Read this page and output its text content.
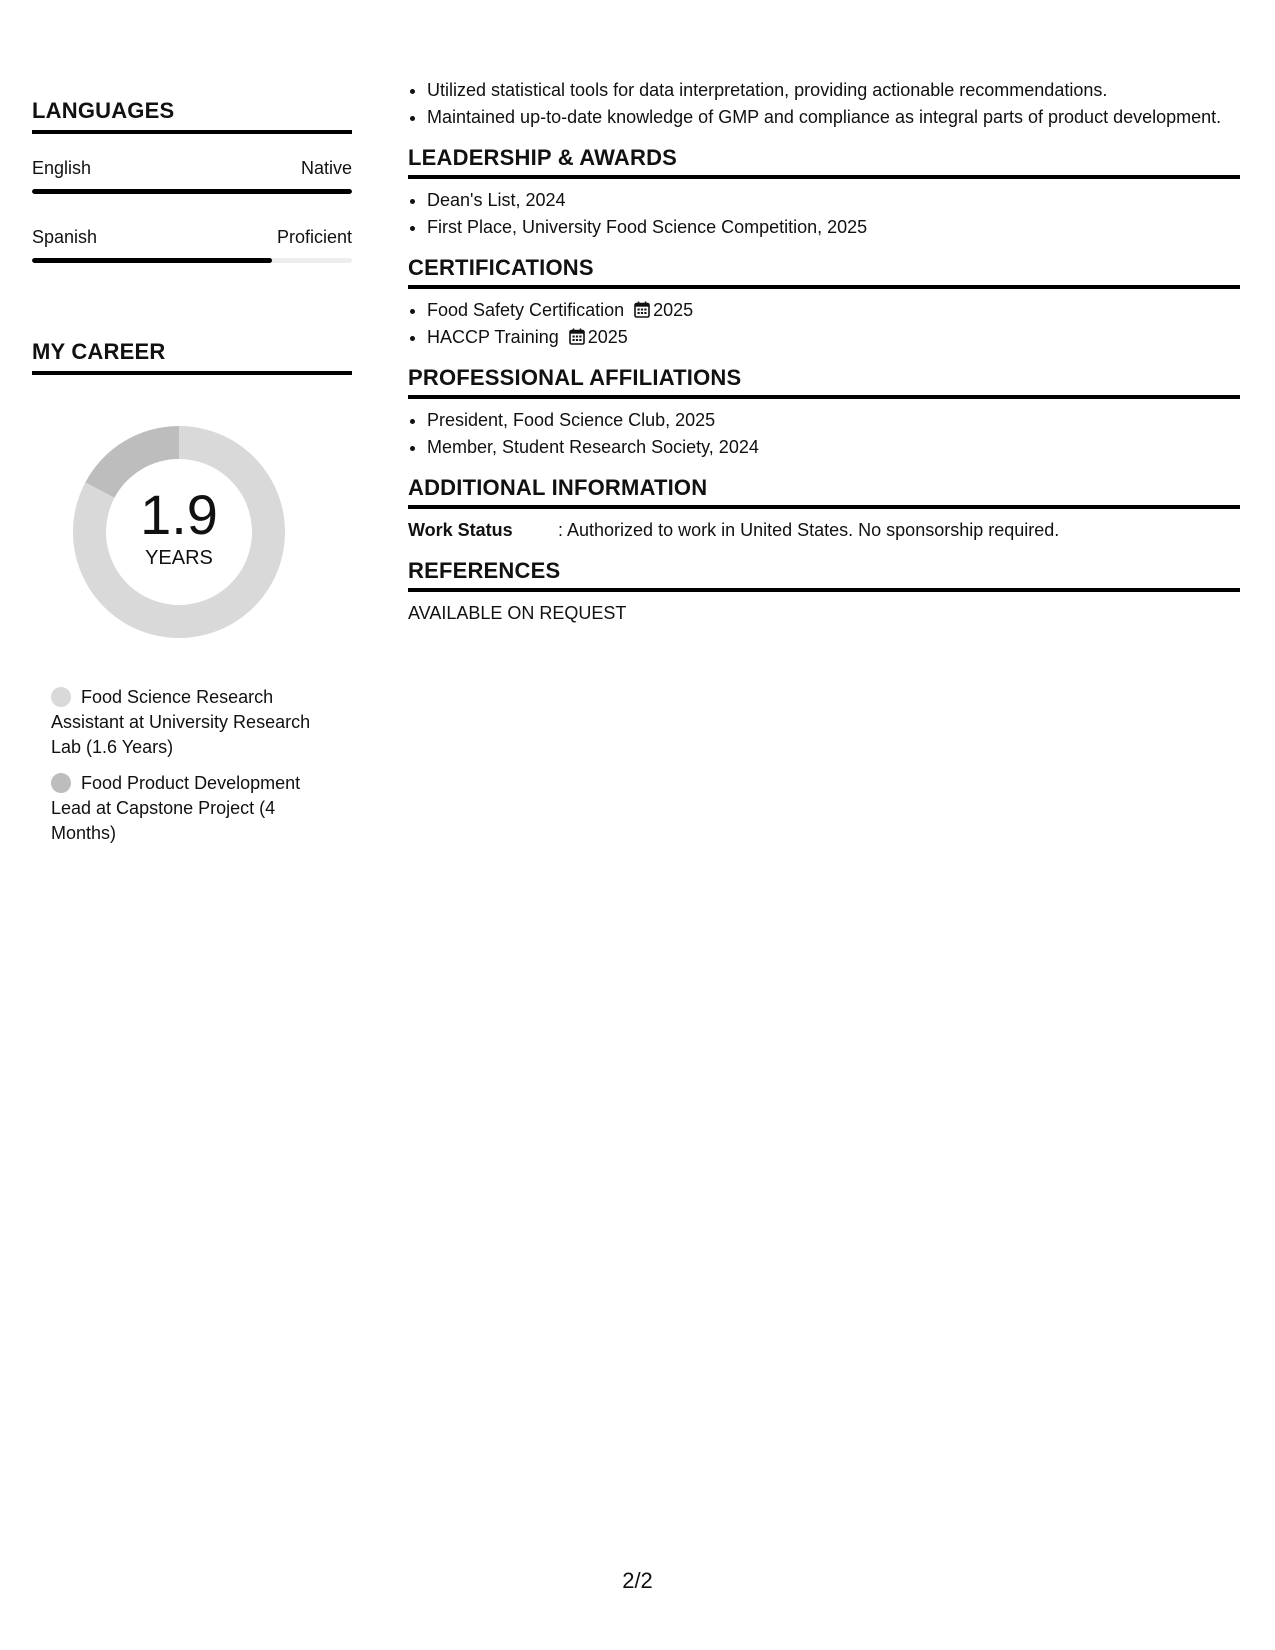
LANGUAGES
English	Native
Spanish	Proficient
MY CAREER
1.9
YEARS
Food Science Research Assistant at University Research Lab (1.6 Years)
Food Product Development Lead at Capstone Project (4 Months)
• Utilized statistical tools for data interpretation, providing actionable recommendations.
• Maintained up-to-date knowledge of GMP and compliance as integral parts of product development.
LEADERSHIP & AWARDS
• Dean's List, 2024
• First Place, University Food Science Competition, 2025
CERTIFICATIONS
• Food Safety Certification 2025
• HACCP Training 2025
PROFESSIONAL AFFILIATIONS
• President, Food Science Club, 2025
• Member, Student Research Society, 2024
ADDITIONAL INFORMATION
Work Status	: Authorized to work in United States. No sponsorship required.
REFERENCES
AVAILABLE ON REQUEST
2/2
